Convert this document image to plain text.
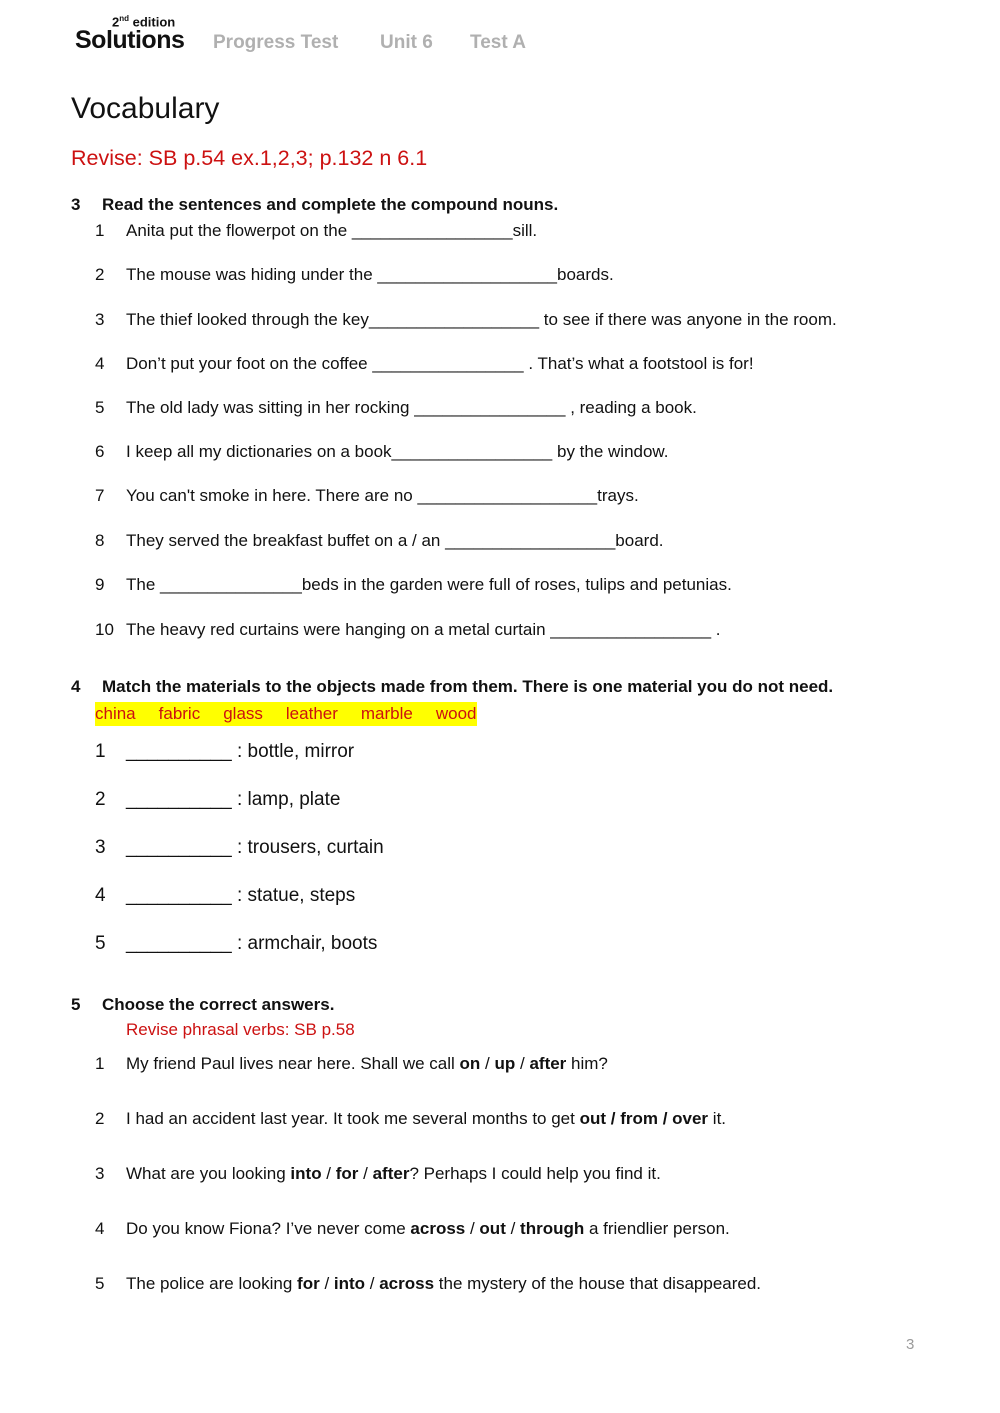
2nd edition
Solutions Progress Test Unit 6 Test A
Vocabulary
Revise: SB p.54 ex.1,2,3; p.132 n 6.1
3 Read the sentences and complete the compound nouns.
1 Anita put the flowerpot on the _________________sill.
2 The mouse was hiding under the ___________________boards.
3 The thief looked through the key__________________ to see if there was anyone in the room.
4 Don’t put your foot on the coffee ________________ . That’s what a footstool is for!
5 The old lady was sitting in her rocking ________________ , reading a book.
6 I keep all my dictionaries on a book_________________ by the window.
7 You can't smoke in here. There are no ___________________trays.
8 They served the breakfast buffet on a / an __________________board.
9 The _______________beds in the garden were full of roses, tulips and petunias.
10 The heavy red curtains were hanging on a metal curtain _________________ .
4 Match the materials to the objects made from them. There is one material you do not need.
china fabric glass leather marble wood
1 __________ : bottle, mirror
2 __________ : lamp, plate
3 __________ : trousers, curtain
4 __________ : statue, steps
5 __________ : armchair, boots
5 Choose the correct answers.
Revise phrasal verbs: SB p.58
1 My friend Paul lives near here. Shall we call on / up / after him?
2 I had an accident last year. It took me several months to get out / from / over it.
3 What are you looking into / for / after? Perhaps I could help you find it.
4 Do you know Fiona? I’ve never come across / out / through a friendlier person.
5 The police are looking for / into / across the mystery of the house that disappeared.
3
